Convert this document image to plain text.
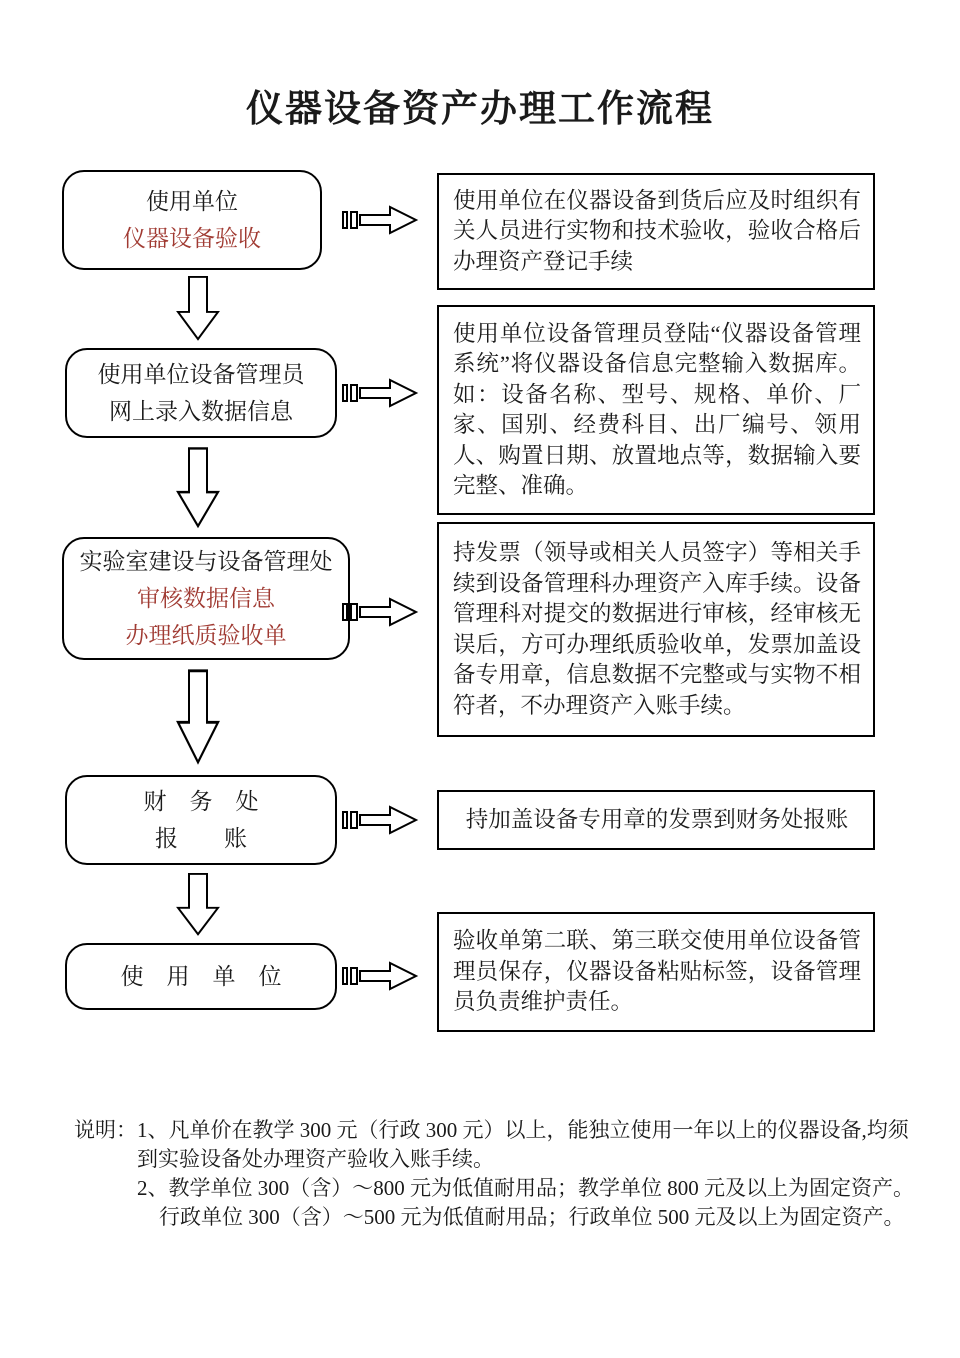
仪器设备资产办理工作流程
使用单位
仪器设备验收
使用单位在仪器设备到货后应及时组织有关人员进行实物和技术验收，验收合格后办理资产登记手续
使用单位设备管理员
网上录入数据信息
使用单位设备管理员登陆“仪器设备管理系统”将仪器设备信息完整输入数据库。如：设备名称、型号、规格、单价、厂家、国别、经费科目、出厂编号、领用人、购置日期、放置地点等，数据输入要完整、准确。
实验室建设与设备管理处
审核数据信息
办理纸质验收单
持发票（领导或相关人员签字）等相关手续到设备管理科办理资产入库手续。设备管理科对提交的数据进行审核，经审核无误后，方可办理纸质验收单，发票加盖设备专用章，信息数据不完整或与实物不相符者，不办理资产入账手续。
财　务　处
报　　账
持加盖设备专用章的发票到财务处报账
使　用　单　位
验收单第二联、第三联交使用单位设备管理员保存，仪器设备粘贴标签，设备管理员负责维护责任。
说明： 1、凡单价在教学 300 元（行政 300 元）以上，能独立使用一年以上的仪器设备,均须到实验设备处办理资产验收入账手续。
2、教学单位 300（含）～800 元为低值耐用品；教学单位 800 元及以上为固定资产。行政单位 300（含）～500 元为低值耐用品；行政单位 500 元及以上为固定资产。
